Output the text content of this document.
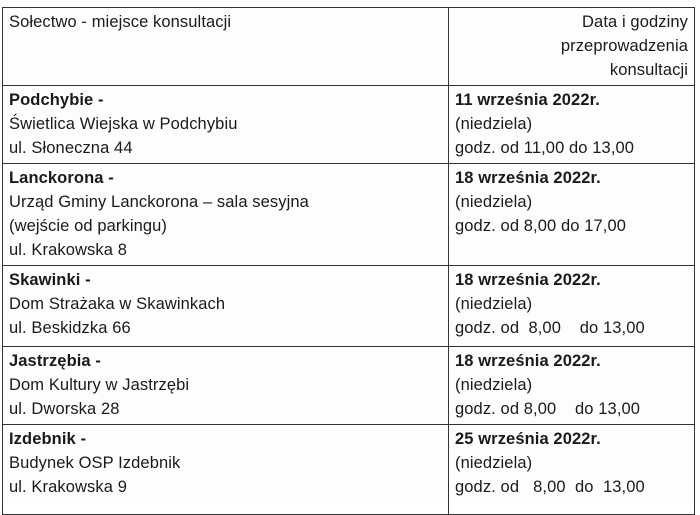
Sołectwo - miejsce konsultacji	Data i godziny
przeprowadzenia
konsultacji

Podchybie -
Świetlica Wiejska w Podchybiu
ul. Słoneczna 44	11 września 2022r.
(niedziela)
godz. od 11,00 do 13,00

Lanckorona -
Urząd Gminy Lanckorona – sala sesyjna
(wejście od parkingu)
ul. Krakowska 8	18 września 2022r.
(niedziela)
godz. od 8,00 do 17,00

Skawinki -
Dom Strażaka w Skawinkach
ul. Beskidzka 66	18 września 2022r.
(niedziela)
godz. od  8,00    do 13,00

Jastrzębia -
Dom Kultury w Jastrzębi
ul. Dworska 28	18 września 2022r.
(niedziela)
godz. od 8,00    do 13,00

Izdebnik -
Budynek OSP Izdebnik
ul. Krakowska 9	25 września 2022r.
(niedziela)
godz. od   8,00  do  13,00
